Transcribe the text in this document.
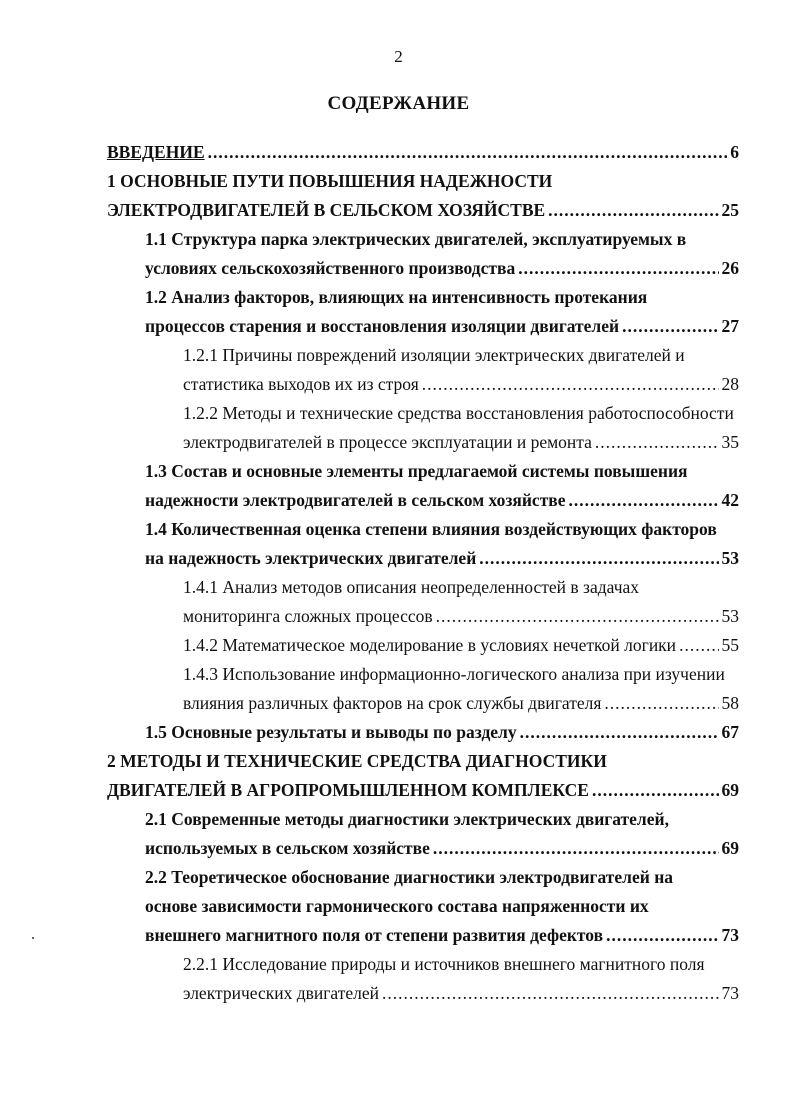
2
СОДЕРЖАНИЕ
ВВЕДЕНИЕ .....	6
1 ОСНОВНЫЕ ПУТИ ПОВЫШЕНИЯ НАДЕЖНОСТИ
ЭЛЕКТРОДВИГАТЕЛЕЙ В СЕЛЬСКОМ ХОЗЯЙСТВЕ .....	25
1.1 Структура парка электрических двигателей, эксплуатируемых в
условиях сельскохозяйственного производства .....	26
1.2 Анализ факторов, влияющих на интенсивность протекания
процессов старения и восстановления изоляции двигателей .....	27
1.2.1 Причины повреждений изоляции электрических двигателей и
статистика выходов их из строя .....	28
1.2.2 Методы и технические средства восстановления работоспособности
электродвигателей в процессе эксплуатации и ремонта .....	35
1.3 Состав и основные элементы предлагаемой системы повышения
надежности электродвигателей в сельском хозяйстве .....	42
1.4 Количественная оценка степени влияния воздействующих факторов
на надежность электрических двигателей .....	53
1.4.1 Анализ методов описания неопределенностей в задачах
мониторинга сложных процессов .....	53
1.4.2 Математическое моделирование в условиях нечеткой логики .....	55
1.4.3 Использование информационно-логического анализа при изучении
влияния различных факторов на срок службы двигателя .....	58
1.5 Основные результаты и выводы по разделу .....	67
2 МЕТОДЫ И ТЕХНИЧЕСКИЕ СРЕДСТВА ДИАГНОСТИКИ
ДВИГАТЕЛЕЙ В АГРОПРОМЫШЛЕННОМ КОМПЛЕКСЕ .....	69
2.1 Современные методы диагностики электрических двигателей,
используемых в сельском хозяйстве .....	69
2.2 Теоретическое обоснование диагностики электродвигателей на
основе зависимости гармонического состава напряженности их
внешнего магнитного поля от степени развития дефектов .....	73
2.2.1 Исследование природы и источников внешнего магнитного поля
электрических двигателей .....	73
